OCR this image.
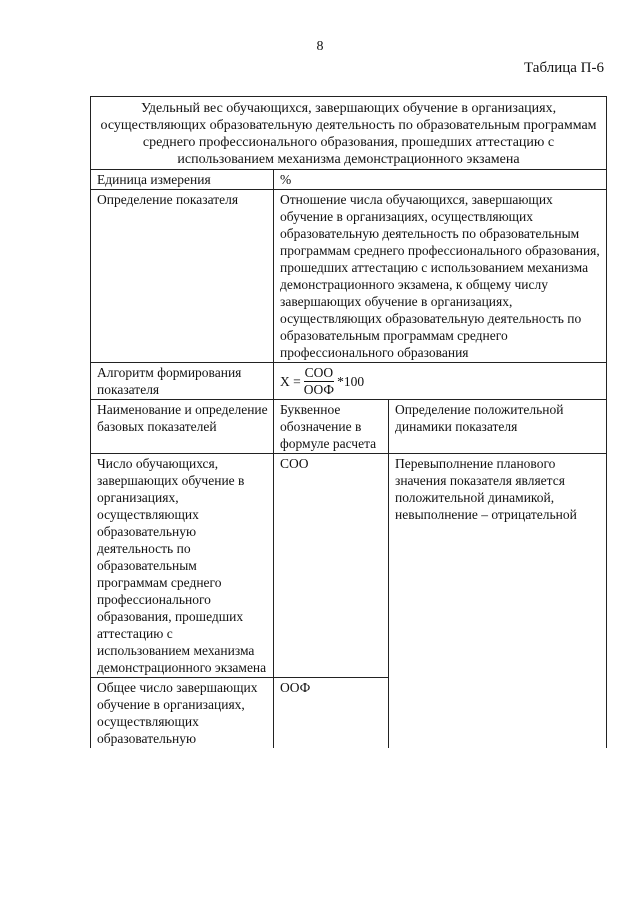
8
Таблица П-6
Удельный вес обучающихся, завершающих обучение в организациях, осуществляющих образовательную деятельность по образовательным программам среднего профессионального образования, прошедших аттестацию с использованием механизма демонстрационного экзамена		
Единица измерения	%	
Определение показателя	Отношение числа обучающихся, завершающих обучение в организациях, осуществляющих образовательную деятельность по образовательным программам среднего профессионального образования, прошедших аттестацию с использованием механизма демонстрационного экзамена, к общему числу завершающих обучение в организациях, осуществляющих образовательную деятельность по образовательным программам среднего профессионального образования	
Алгоритм формирования показателя	$X = \frac{\text{СОО}}{\text{ООФ}} *100$	

Наименование и определение базовых показателей	Буквенное обозначение в формуле расчета	Определение положительной динамики показателя
Число обучающихся, завершающих обучение в организациях, осуществляющих образовательную деятельность по образовательным программам среднего профессионального образования, прошедших аттестацию с использованием механизма демонстрационного экзамена	СОО	Перевыполнение планового значения показателя является положительной динамикой, невыполнение – отрицательной
Общее число завершающих обучение в организациях, осуществляющих образовательную	ООФ	
